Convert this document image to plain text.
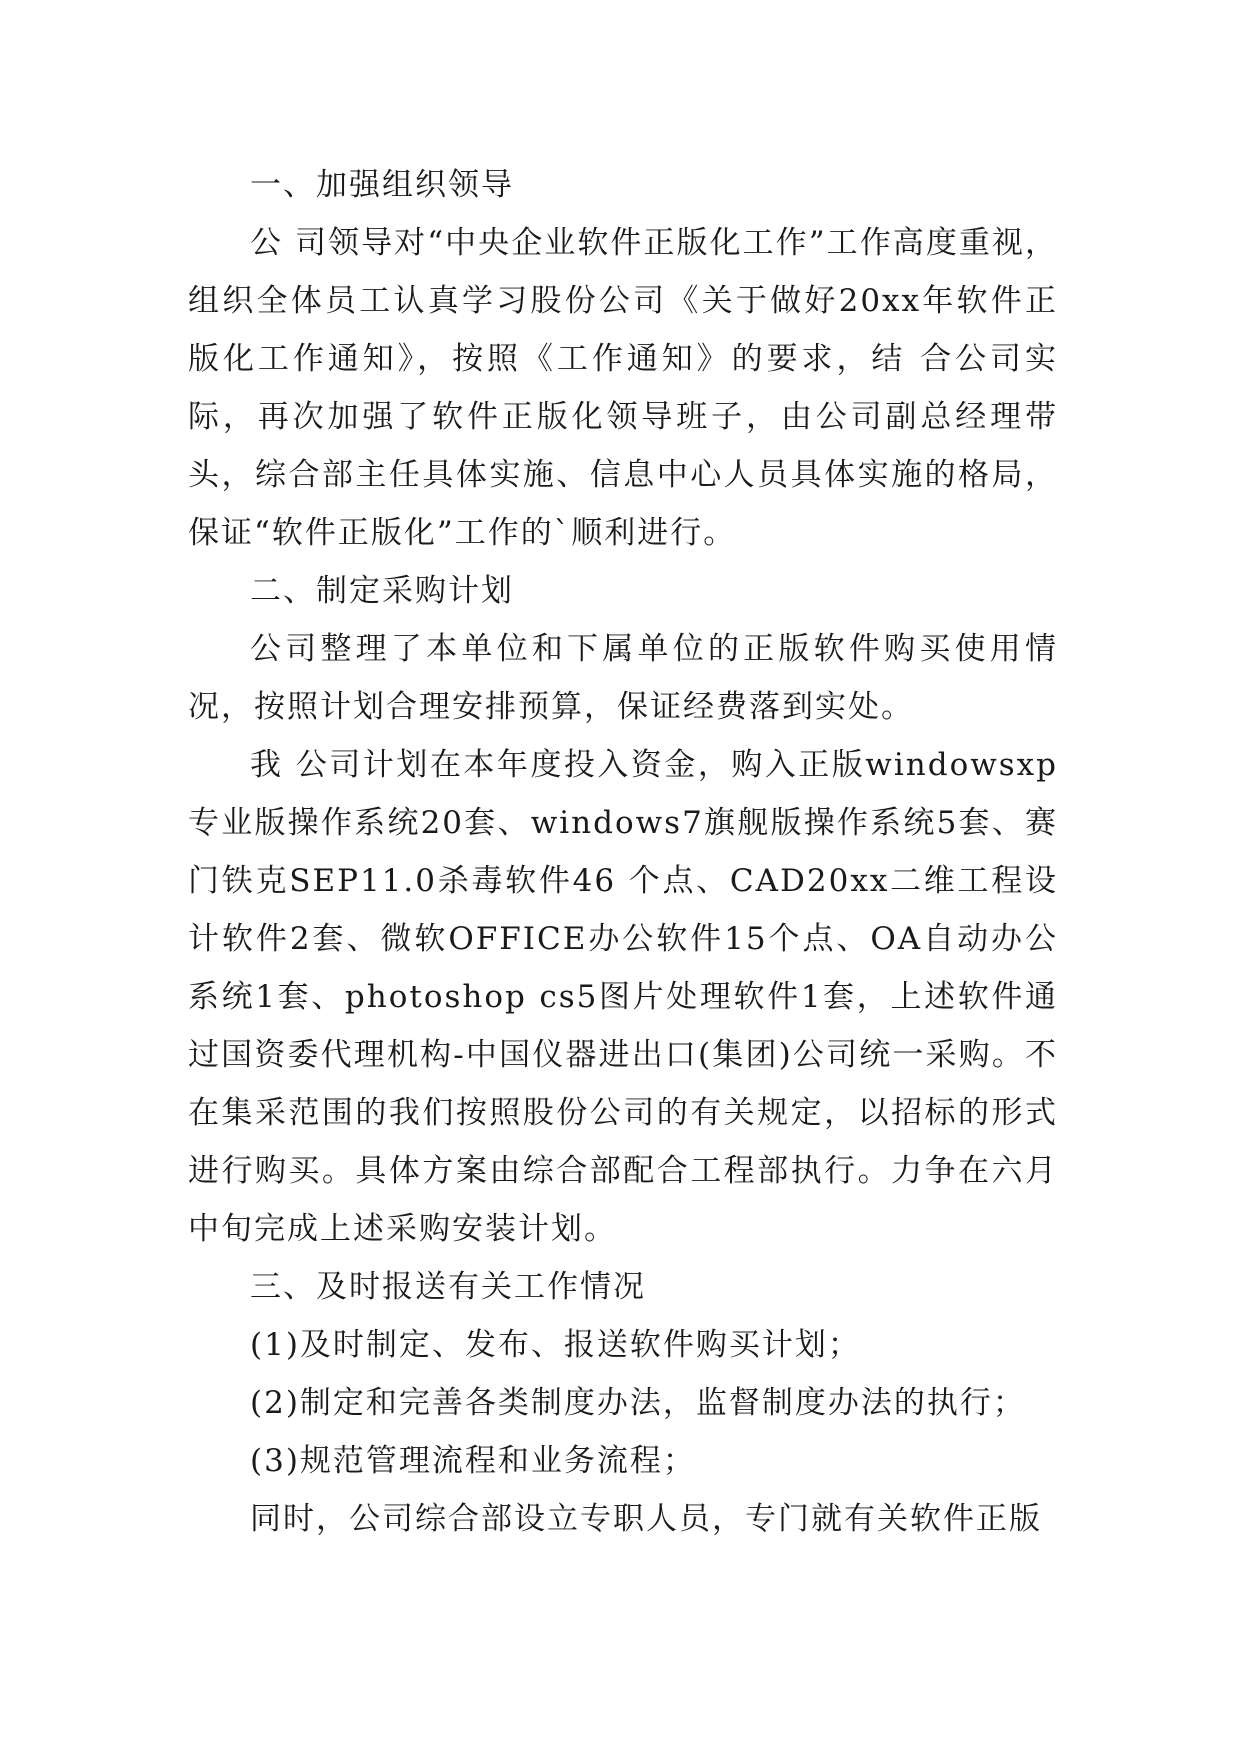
一、加强组织领导

公 司领导对“中央企业软件正版化工作”工作高度重视，组织全体员工认真学习股份公司《关于做好20xx年软件正版化工作通知》，按照《工作通知》的要求，结 合公司实际，再次加强了软件正版化领导班子，由公司副总经理带头，综合部主任具体实施、信息中心人员具体实施的格局，保证“软件正版化”工作的`顺利进行。

二、制定采购计划

公司整理了本单位和下属单位的正版软件购买使用情况，按照计划合理安排预算，保证经费落到实处。

我 公司计划在本年度投入资金，购入正版windowsxp专业版操作系统20套、windows7旗舰版操作系统5套、赛门铁克SEP11.0杀毒软件46 个点、CAD20xx二维工程设计软件2套、微软OFFICE办公软件15个点、OA自动办公系统1套、photoshop cs5图片处理软件1套，上述软件通过国资委代理机构-中国仪器进出口(集团)公司统一采购。不在集采范围的我们按照股份公司的有关规定，以招标的形式进行购买。具体方案由综合部配合工程部执行。力争在六月中旬完成上述采购安装计划。

三、及时报送有关工作情况

(1)及时制定、发布、报送软件购买计划；

(2)制定和完善各类制度办法，监督制度办法的执行；

(3)规范管理流程和业务流程；

同时，公司综合部设立专职人员，专门就有关软件正版
